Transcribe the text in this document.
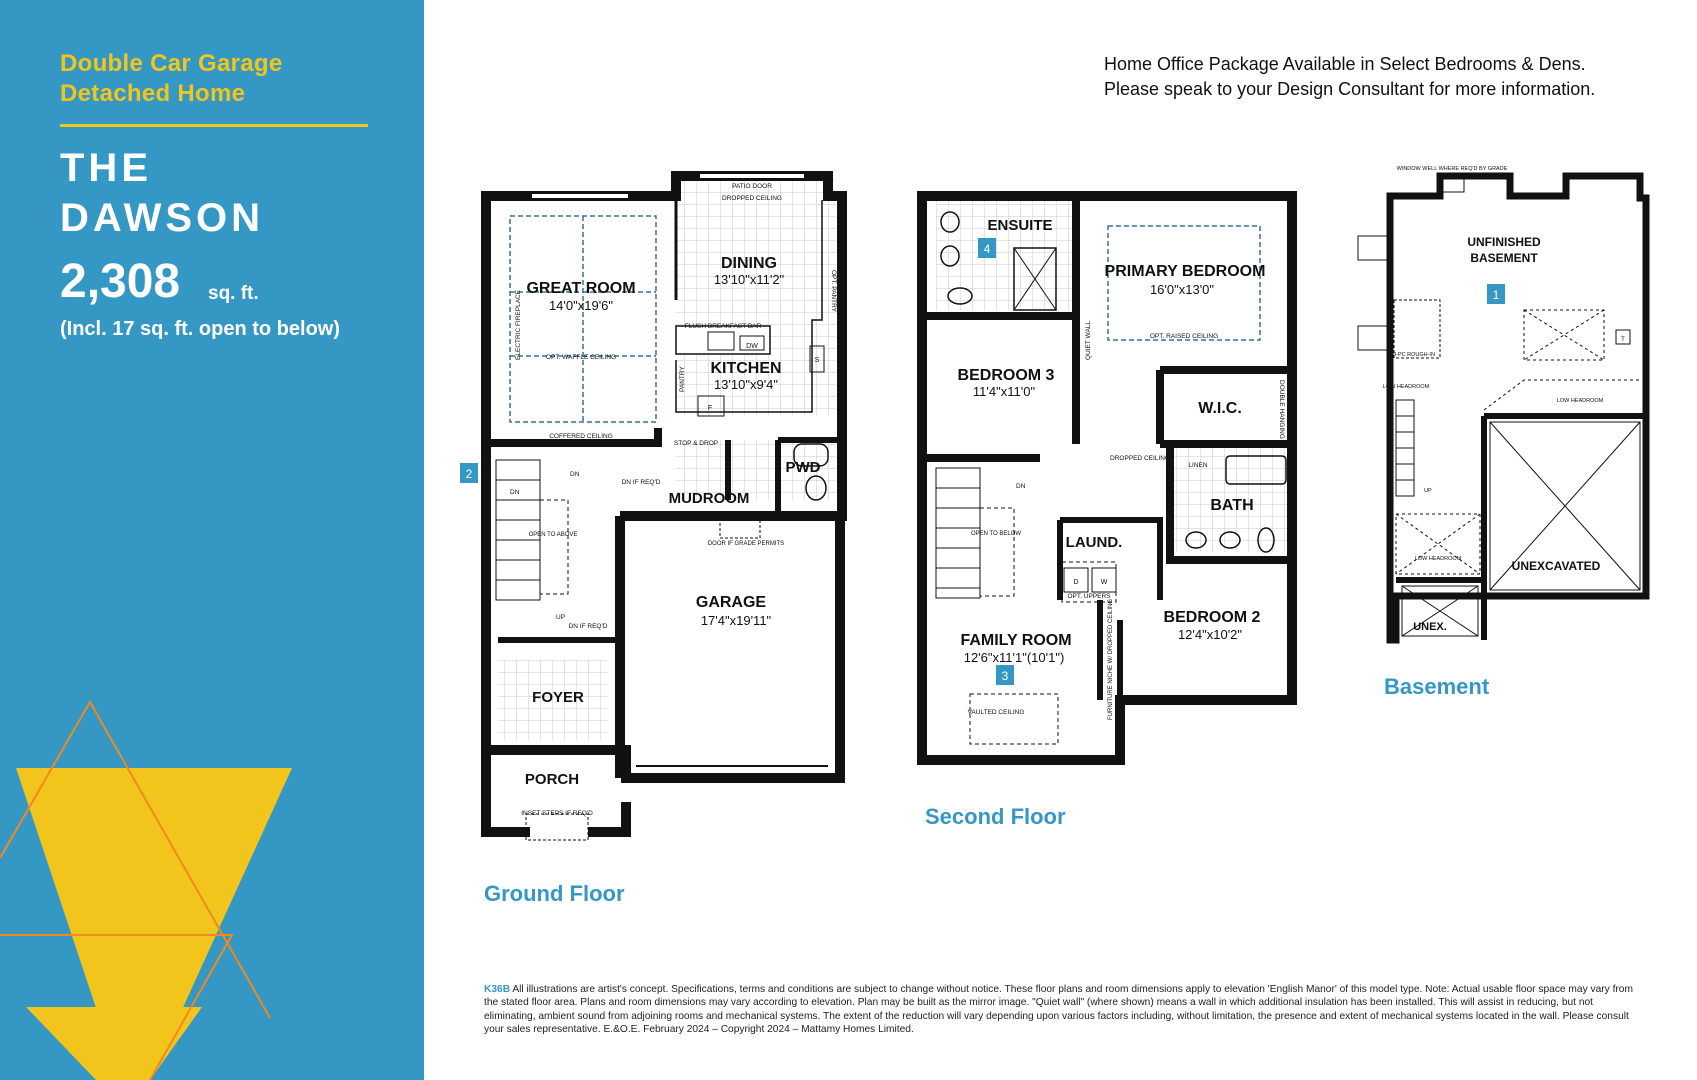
Double Car Garage
Detached Home
THE
DAWSON
2,308 sq. ft.
(Incl. 17 sq. ft. open to below)
Home Office Package Available in Select Bedrooms & Dens.
Please speak to your Design Consultant for more information.
2
GREAT ROOM
14'0"x19'6"
DINING
13'10"x11'2"
KITCHEN
13'10"x9'4"
MUDROOM
PWD
GARAGE
17'4"x19'11"
FOYER
PORCH
PATIO DOOR
DROPPED CEILING
FLUSH BREAKFAST BAR
DW
F
S
OPT. PANTRY
PANTRY
OPT. WAFFLE CEILING
COFFERED CEILING
ELECTRIC FIREPLACE
STOP & DROP
DN IF REQ'D
DN IF REQ'D
DN
DN
UP
OPEN TO ABOVE
DOOR IF GRADE PERMITS
INSET STEPS IF REQ'D
4
3
ENSUITE
PRIMARY BEDROOM
16'0"x13'0"
OPT. RAISED CEILING
BEDROOM 3
11'4"x11'0"
W.I.C.
BATH
LINEN
LAUND.
D	W
OPT. UPPERS
FAMILY ROOM
12'6"x11'1"(10'1")
BEDROOM 2
12'4"x10'2"
VAULTED CEILING
OPEN TO BELOW
DN
QUIET WALL
DROPPED CEILING
DRESSER NICHE W/ DROPPED CEILING
FURNITURE NICHE W/ DROPPED CEILING
DOUBLE HANGING
1
UNFINISHED
BASEMENT
UNEXCAVATED
UNEX.
WINDOW WELL WHERE REQ'D BY GRADE
3-PC ROUGH-IN
LOW HEADROOM
LOW HEADROOM
LOW HEADROOM
UP
T
Ground Floor
Second Floor
Basement
K36B All illustrations are artist's concept. Specifications, terms and conditions are subject to change without notice. These floor plans and room dimensions apply to elevation 'English Manor' of this model type. Note: Actual usable floor space may vary from the stated floor area. Plans and room dimensions may vary according to elevation. Plan may be built as the mirror image. "Quiet wall" (where shown) means a wall in which additional insulation has been installed. This will assist in reducing, but not eliminating, ambient sound from adjoining rooms and mechanical systems. The extent of the reduction will vary depending upon various factors including, without limitation, the presence and extent of mechanical systems located in the wall. Please consult your sales representative. E.&O.E. February 2024 – Copyright 2024 – Mattamy Homes Limited.
